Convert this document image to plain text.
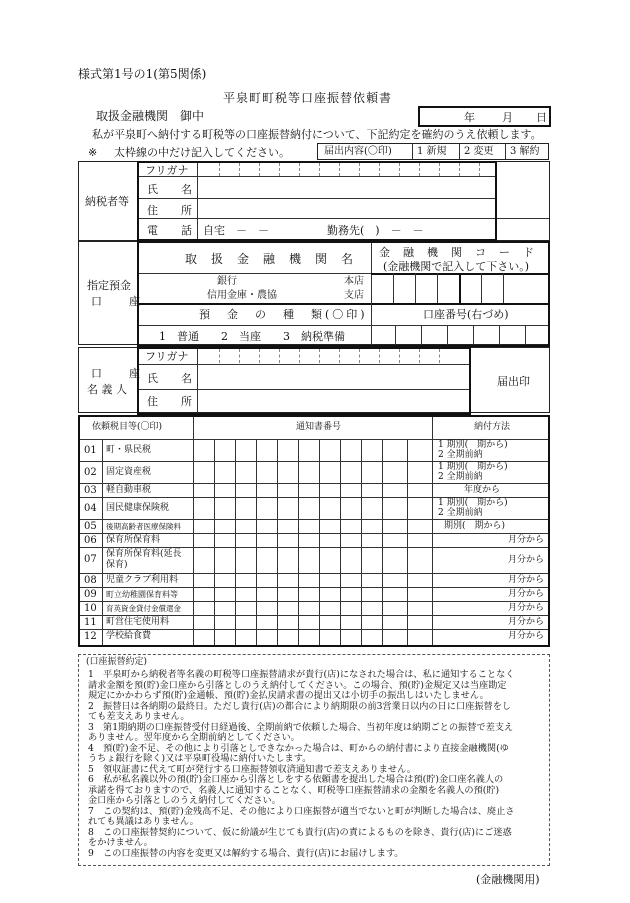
様式第1号の1(第5関係)
平泉町町税等口座振替依頼書
取扱金融機関　御中	年 月 日
私が平泉町へ納付する町税等の口座振替納付について、下記約定を確約のうえ依頼します。
※ 太枠線の中だけ記入してください。	届出内容(〇印)	1 新規 2 変更 3 解約
納税者等
フリガナ
氏　名
住　所
電　話 自宅　－　－	勤務先(　)　－　－
指定預金
口　座
取扱金融機関名 金　融　機　関　コ　ー　ド
(金融機関で記入して下さい。)
銀行
信用金庫・農協
本店
支店
預　金　の　種　類(〇印)	口座番号(右づめ)
1　普通　　2　当座　　3　納税準備
口　座
名 義 人
届出印
フリガナ
氏　名
住　所
依頼税目等(〇印)	通知書番号	納付方法
01 町・県民税	1 期別(　期から)
2 全期前納
02 固定資産税	1 期別(　期から)
2 全期前納
03 軽自動車税	年度から
04 国民健康保険税	1 期別(　期から)
2 全期前納
05 後期高齢者医療保険料	期別(　期から)
06 保育所保育料	月分から
07 保育所保育料(延長
保育)	月分から
08 児童クラブ利用料	月分から
09 町立幼稚園保育料等	月分から
10 育英資金貸付金償還金	月分から
11 町営住宅使用料	月分から
12 学校給食費	月分から
(口座振替約定)
1　平泉町から納税者等名義の町税等口座振替請求が貴行(店)になされた場合は、私に通知することなく
請求金額を預(貯)金口座から引落としのうえ納付してください。この場合、預(貯)金規定又は当座勘定
規定にかかわらず預(貯)金通帳、預(貯)金払戻請求書の提出又は小切手の振出しはいたしません。
2　振替日は各納期の最終日。ただし貴行(店)の都合により納期限の前3営業日以内の日に口座振替をし
ても差支えありません。
3　第1期納期の口座振替受付日経過後、全期前納で依頼した場合、当初年度は納期ごとの振替で差支え
ありません。翌年度から全期前納としてください。
4　預(貯)金不足、その他により引落としできなかった場合は、町からの納付書により直接金融機関(ゆ
うちょ銀行を除く)又は平泉町役場に納付いたします。
5　領収証書に代えて町が発行する口座振替領収済通知書で差支えありません。
6　私が私名義以外の預(貯)金口座から引落としをする依頼書を提出した場合は預(貯)金口座名義人の
承諾を得ておりますので、名義人に通知することなく、町税等口座振替請求の金額を名義人の預(貯)
金口座から引落としのうえ納付してください。
7　この契約は、預(貯)金残高不足、その他により口座振替が適当でないと町が判断した場合は、廃止さ
れても異議はありません。
8　この口座振替契約について、仮に紛議が生じても貴行(店)の責によるものを除き、貴行(店)にご迷惑
をかけません。
9　この口座振替の内容を変更又は解約する場合、貴行(店)にお届けします。
(金融機関用)
